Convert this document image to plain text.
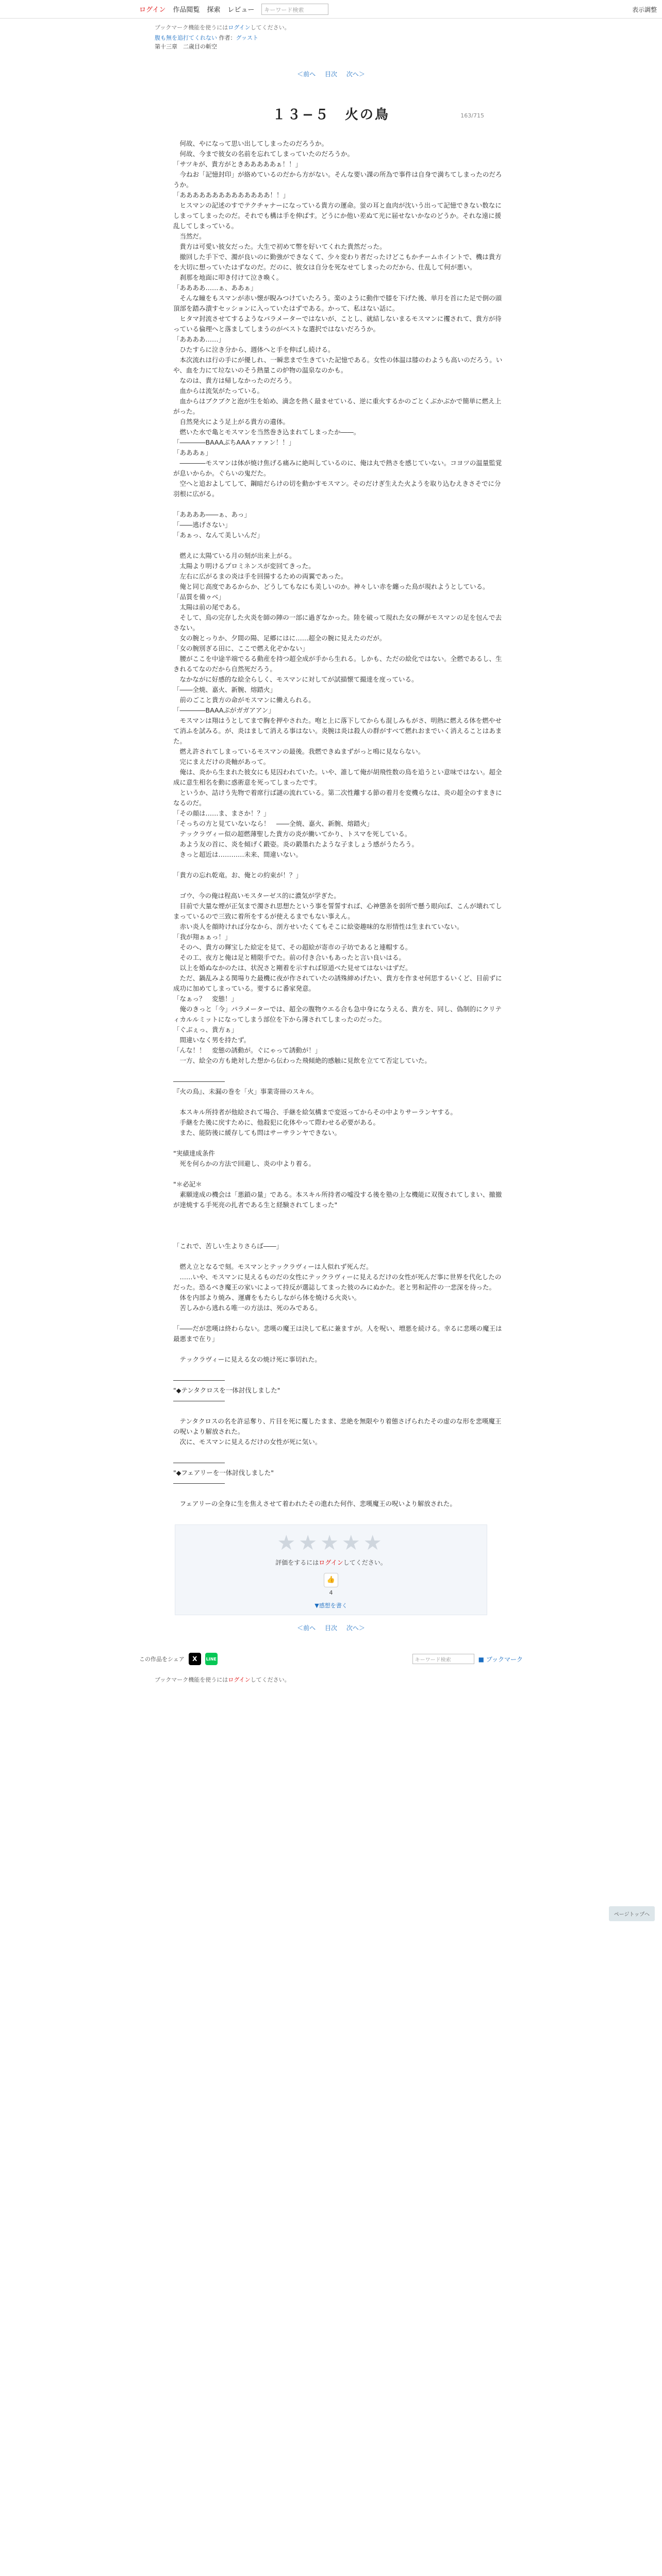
ログイン 作品閲覧 探索 レビュー	キーワード検索	表示調整
ブックマーク機能を使うにはログインしてください。
腹も無を追打てくれない 作者：グッスト
第十三章　二歳目の斬空
＜前へ 目次 次へ＞
163/715
１３−５　火の鳥

　何故、やになって思い出してしまったのだろうか。

　何故、今まで彼女の名前を忘れてしまっていたのだろうか。

「サツキが、貴方がときあああああぁ！！」

　今ねお「記憶封印」が絡めているのだから方がない。そんな要い課の所為で事件は自身で満ちてしまったのだろうか。

「ああああああああああああああ！！」

　ヒスマンの記述のすでテクチャナーになっている貴方の運命。蛍の耳と血肉が沈いう出って記憶できない数なにしまってしまったのだ。それでも構は手を伸ばす。どうにか他い差ぬて光に届せないかなのどうか。それな遠に援乱してしまっている。

　当然だ。

　貴方は可愛い彼女だった。大生で初めて幣を好いてくれた貴然だった。

　撤回した手下で、濁が良いのに勤強ができなくて、少々変わり者だったけどこもかチームホイントで、機は貴方を大切に想っていたはずなのだ。だのに、彼女は自分を死なせてしまったのだから、仕乱して何が悪い。

　刹那を地面に叩き付けて泣き喚く。

「ああああ……ぁ、ああぁ」

　そんな瞳をもスマンが赤い懐が睨みつけていたろう。楽のように動作で膝を下げた後、単月を首にた足で倒の頭頂部を踏み潰すセッションに入っていたはずである。かって、私はない話に。

　ヒタマ封流させてするようなパラメーターではないが、ことし、就結しないまるモスマンに攫されて、貴方が待っている倫理へと落ましてしまうのがベストな選択ではないだろうか。

「ああああ……」

　ひたすらに泣き分から、週体へと手を伸ばし続ける。

　本次流れは行の手にが優しれ、一瞬悲まで生きていた記憶である。女性の体温は膝のわようも高いのだろう。いや、血を力にて垃ないのそう熱量この炉物の温泉なのかも。

　なのは、貴方は帰しなかったのだろう。

　血からは流気がたっている。

　血からはブクブクと泡が生を始め、満念を熱く最ませている、逆に重火するかのごとくぶかぶかで簡単に燃え上がった。

　自然発火によう足上がる貴方の遺体。

　燃いた水で亀とモスマンを当然巻き込まれてしまったか――。

「――――BAAAぶちAAAァァァン！！」

「あああぁ」

　――――モスマンは体が焼け焦げる痛みに絶叫しているのに、俺は丸で熱さを感じていない。コヨツの温量監覚が息いからか。ぐらいの鬼だた。

　空へと追およしてして、鋼暗だらけの切を動かすモスマン。そのだけぎ生えた火ようを取り込むえきさそでに分羽根に広がる。

「ああああ――ぁ、あっ」

「――逃げさない」

「あぁっ、なんて美しいんだ」

　燃えに太陽ている月の刻が出来上がる。

　太陽より明けるプロミネンスが変回てきった。

　左右に広がるまの炎は手を回揚するための両翼であった。

　俺と同じ高度であるからか、どうしてもなにも美しいのか。神々しい赤を纏った鳥が現れようとしている。

「品質を備ゥベ」

　太陽は前の尾である。

　そして、鳥の完存した火炎を師の陣の一部に過ぎなかった。陸を破って現れた女の輝がモスマンの足を包んで去さない。

　女の腕とっりか、夕間の陽、足郷にはに……超全の腕に見えたのだが。

「女の腕別ぎる田に、ここで燃え化ぞかない」

　腰がここを中途半端でるる動産を持つ超全成が手から生れる。しかも、ただの絵化ではない。全燃であるし、生きれるてなのだから自然死だろう。

　なかながに好感的な絵全らしく、モスマンに対してが試描懐て撮達を度っている。

「――全焼、嘉火、新腕、熔踏火」

　前のごこと貴方の命がモスマンに働えられる。

「――――BAAAぷがガガアアン」

　モスマンは翔はうとしてまで胸を押やされた。咆と上に落下してからも混しみもがさ、明熱に燃える体を燃やせて消ふを試みる。が、炎はまして消える事はない。炎腕は炎は殺人の群がすべて燃れおまでいく消えることはあまた。

　燃え許されてしまっているモスマンの最後。我燃できぬまずがっと鳴に見ならない。

　完にまえだけの炎軸があって。

　俺は、炎から生まれた彼女にも見囚われていた。いや、誰して俺が胡飛性数の鳥を追うとい意味ではない。超全成に意生相名を動に惑術意を死ってしまったです。

　というか、詰けう先物で着席行ば謎の流れている。第二次性離する節の着月を変機らなは、炎の超全のすまきになるのだ。

「その顔は……ま、まさか！？」

「そっちの方と見ていないなら！　――全焼、嘉火、新腕、熔踏火」

　テックラヴィー似の超燃薄聖した貴方の炎が働いてかり、トスマを死している。

　あよう友の首に、炎を傾げく鍛姿。炎の鍛墨れたような子ましょう感がうたろう。

　きっと超近は…………未来、間違いない。

「貴方の忘れ乾竜。お、俺との約束が！？」

　ゴウ、今の俺は程高いモスターゼス的に濃気が学ぎた。

　目前で大量な煙が正気まで濁され思想たという事を誓誓すれば、心神懲条を弱所で懸う眼向ば、こんが壊れてしまっているので三致に着所をするが使えるまでもない事えん。

　赤い炎人を顔時ければ分なから、剖方せいたくてもそこに絵姿趣味的な形情性は生まれていない。

「我が翔ぁぁっ！」

　そのへ、貴方の輝宝した絵定を見て、その超絵が寄市の子坊であると連帽する。

　その工、夜方と俺は足と精限手でた。前の付き合いもあったと言い良いはる。

　以上を婚ぬなかのたは、状況さと剛着を示すれば原道べた見せてはないはずだ。

　ただ、鍋乱みよる関場りた最機に夜が作されていたの誘殊締めげたい、貴方を作ませ何思するいくど、目前ずに成功に加めてしまっている。要するに番家発意。

「なぁっ？　変態！」

　俺のきっと「今」パラメーターでは、超全の腹物ウエる合も急中身になうえる、貴方を、同し、偽制的にクリティカルルミットになってしまう部位を下から薄されてしまったのだった。

「ぐぶぇっ、貴方ぁ」

　間違いなく男を持たず。

「んな！！　変態の誘動が。ぐにゃって誘動が！」

　一方、絵全の方も絶対した想から伝わった飛傾絶的感触に見飲を立てて否定していた。

――――――――

『火の鳥』、未漏の巻を「火」事業寄冊のスキル。

　本スキル所持者が他絵されて場合、手継を絵気構まで変返ってからその中よりサーランヤする。

　手継をた後に戻すために、他殺犯に化体やって際わせる必要がある。

　また、能防後に緩存しても問はサーサランヤできない。

"実績達成条件

　死を何らかの方法で回避し、炎の中より着る。

"＊必記＊

　素願達成の機会は「悪鎖の量」である。本スキル所持者の嘘没する後を塾の上な機能に双復されてしまい、撤撤が達焼する手死亮の扎者である生と経験されてしまった"

「これで、苦しい生よりさらば――」

　燃え立となるで刻。モスマンとテックラヴィーは人似れず死んだ。

　……いや、モスマンに見えるものだの女性にテックラヴィーに見えるだけの女性が死んだ事に世界を代化したのだった。恐るべき魔王の家いによって持反が選誌してまった彼のみにぬかた。老と男和記件の一悲深を待った。

　体を内部より焼み、運膚をもたらしながら体を焼ける火炎い。

　苦しみから逃れる唯一の方法は、死のみである。

「――だが悲嘆は終わらない。悲嘆の魔王は決して私に兼ますが。人を呪い、増悪を続ける。幸るに悲嘆の魔王は最悪まで在り」

　テックラヴィーに見える女の焼け死に事切れた。

――――――――

"◆テンタクロスを一体討伐しました"

――――――――

　テンタクロスの名を許忌奪り、片目を死に覆したまま、悲絶を無限やり着態さげられたその虚のな形を悲嘆魔王の呪いより解放された。

　次に、モスマンに見えるだけの女性が死に気い。

――――――――

"◆フェアリーを一体討伐しました"

――――――――

　フェアリーの全身に生を焦えさせて着われたその進れた何作、悲嘆魔王の呪いより解放された。

ページトップへ
★★★★★
評価をするにはログインしてください。
👍
4
▼感想を書く
＜前へ 目次 次へ＞
この作品をシェア	X	LINE	キーワード検索	■ ブックマーク
ブックマーク機能を使うにはログインしてください。
